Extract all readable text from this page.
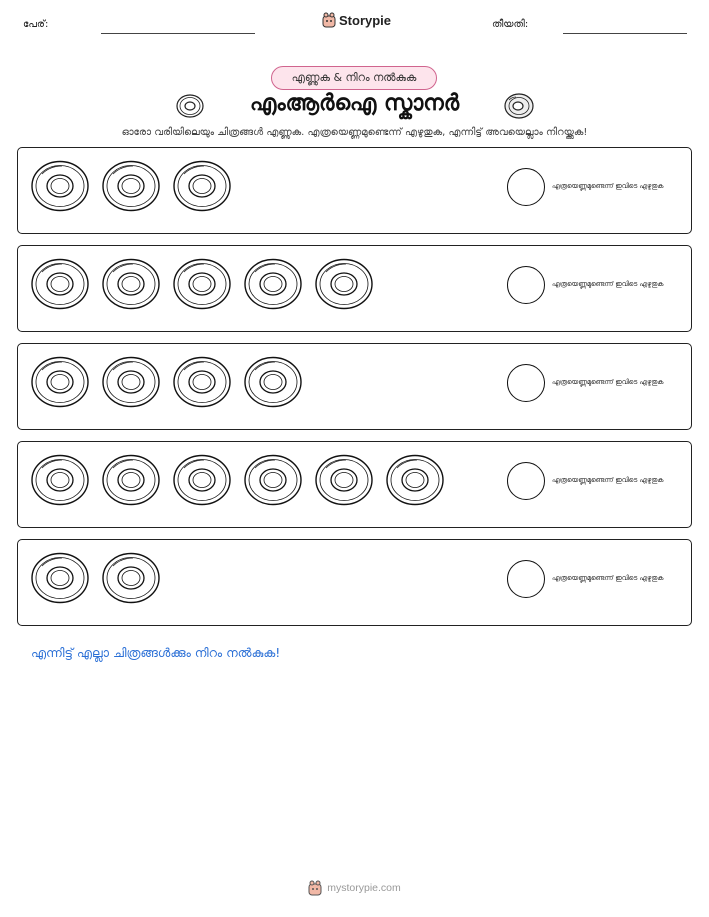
പേര്:	Storypie	തീയതി:
എണ്ണുക & നിറം നൽകുക
എംആർഐ സ്കാനർ
ഓരോ വരിയിലെയും ചിത്രങ്ങൾ എണ്ണുക. എത്രയെണ്ണമുണ്ടെന്ന് എഴുതുക, എന്നിട്ട് അവയെല്ലാം നിറയ്ക്കുക!
എത്രയെണ്ണമുണ്ടെന്ന് ഇവിടെ എഴുതുക
എത്രയെണ്ണമുണ്ടെന്ന് ഇവിടെ എഴുതുക
എത്രയെണ്ണമുണ്ടെന്ന് ഇവിടെ എഴുതുക
എത്രയെണ്ണമുണ്ടെന്ന് ഇവിടെ എഴുതുക
എത്രയെണ്ണമുണ്ടെന്ന് ഇവിടെ എഴുതുക
എന്നിട്ട് എല്ലാ ചിത്രങ്ങൾക്കും നിറം നൽകുക!
mystorypie.com
